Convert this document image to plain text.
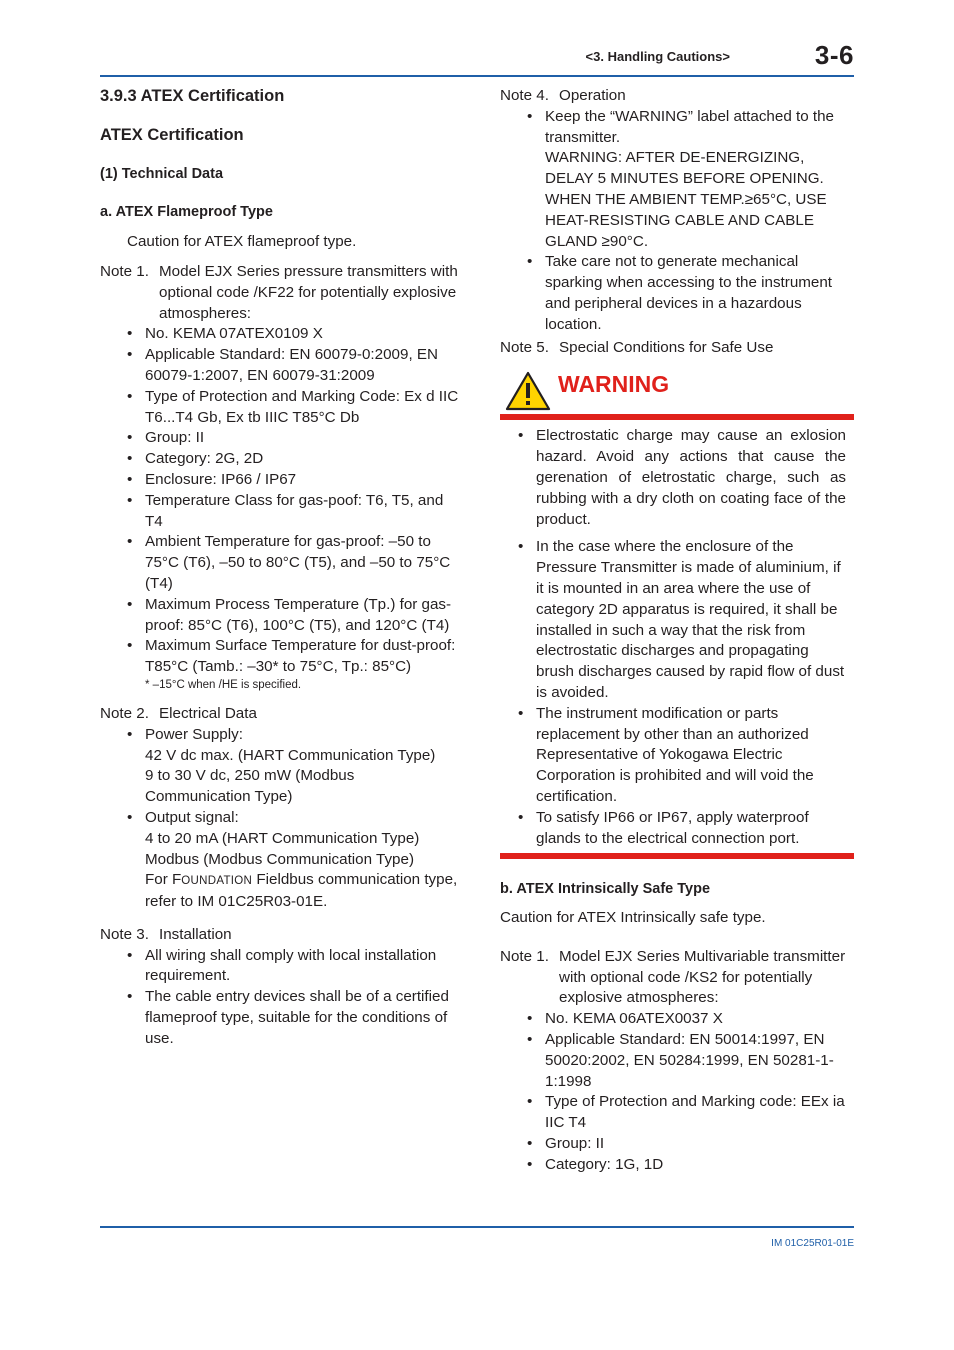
<3. Handling Cautions>	3-6
3.9.3 ATEX Certification
ATEX Certification
(1) Technical Data
a. ATEX Flameproof Type
Caution for ATEX flameproof type.
Note 1. Model EJX Series pressure transmitters with optional code /KF22 for potentially explosive atmospheres:
• No. KEMA 07ATEX0109 X
• Applicable Standard: EN 60079-0:2009, EN 60079-1:2007, EN 60079-31:2009
• Type of Protection and Marking Code: Ex d IIC T6...T4 Gb, Ex tb IIIC T85°C Db
• Group: II
• Category: 2G, 2D
• Enclosure: IP66 / IP67
• Temperature Class for gas-poof: T6, T5, and T4
• Ambient Temperature for gas-proof: –50 to 75°C (T6), –50 to 80°C (T5), and –50 to 75°C (T4)
• Maximum Process Temperature (Tp.) for gas-proof: 85°C (T6), 100°C (T5), and 120°C (T4)
• Maximum Surface Temperature for dust-proof: T85°C (Tamb.: –30* to 75°C, Tp.: 85°C)
* –15°C when /HE is specified.
Note 2. Electrical Data
• Power Supply:
42 V dc max. (HART Communication Type)
9 to 30 V dc, 250 mW (Modbus Communication Type)
• Output signal:
4 to 20 mA (HART Communication Type)
Modbus (Modbus Communication Type)
For FOUNDATION Fieldbus communication type, refer to IM 01C25R03-01E.
Note 3. Installation
• All wiring shall comply with local installation requirement.
• The cable entry devices shall be of a certified flameproof type, suitable for the conditions of use.
Note 4. Operation
• Keep the “WARNING” label attached to the transmitter.
WARNING: AFTER DE-ENERGIZING, DELAY 5 MINUTES BEFORE OPENING. WHEN THE AMBIENT TEMP.≥65°C, USE HEAT-RESISTING CABLE AND CABLE GLAND ≥90°C.
• Take care not to generate mechanical sparking when accessing to the instrument and peripheral devices in a hazardous location.
Note 5. Special Conditions for Safe Use
WARNING
• Electrostatic charge may cause an exlosion hazard. Avoid any actions that cause the gerenation of eletrostatic charge, such as rubbing with a dry cloth on coating face of the product.
• In the case where the enclosure of the Pressure Transmitter is made of aluminium, if it is mounted in an area where the use of category 2D apparatus is required, it shall be installed in such a way that the risk from electrostatic discharges and propagating brush discharges caused by rapid flow of dust is avoided.
• The instrument modification or parts replacement by other than an authorized Representative of Yokogawa Electric Corporation is prohibited and will void the certification.
• To satisfy IP66 or IP67, apply waterproof glands to the electrical connection port.
b. ATEX Intrinsically Safe Type
Caution for ATEX Intrinsically safe type.
Note 1. Model EJX Series Multivariable transmitter with optional code /KS2 for potentially explosive atmospheres:
• No. KEMA 06ATEX0037 X
• Applicable Standard: EN 50014:1997, EN 50020:2002, EN 50284:1999, EN 50281-1-1:1998
• Type of Protection and Marking code: EEx ia IIC T4
• Group: II
• Category: 1G, 1D
IM 01C25R01-01E
